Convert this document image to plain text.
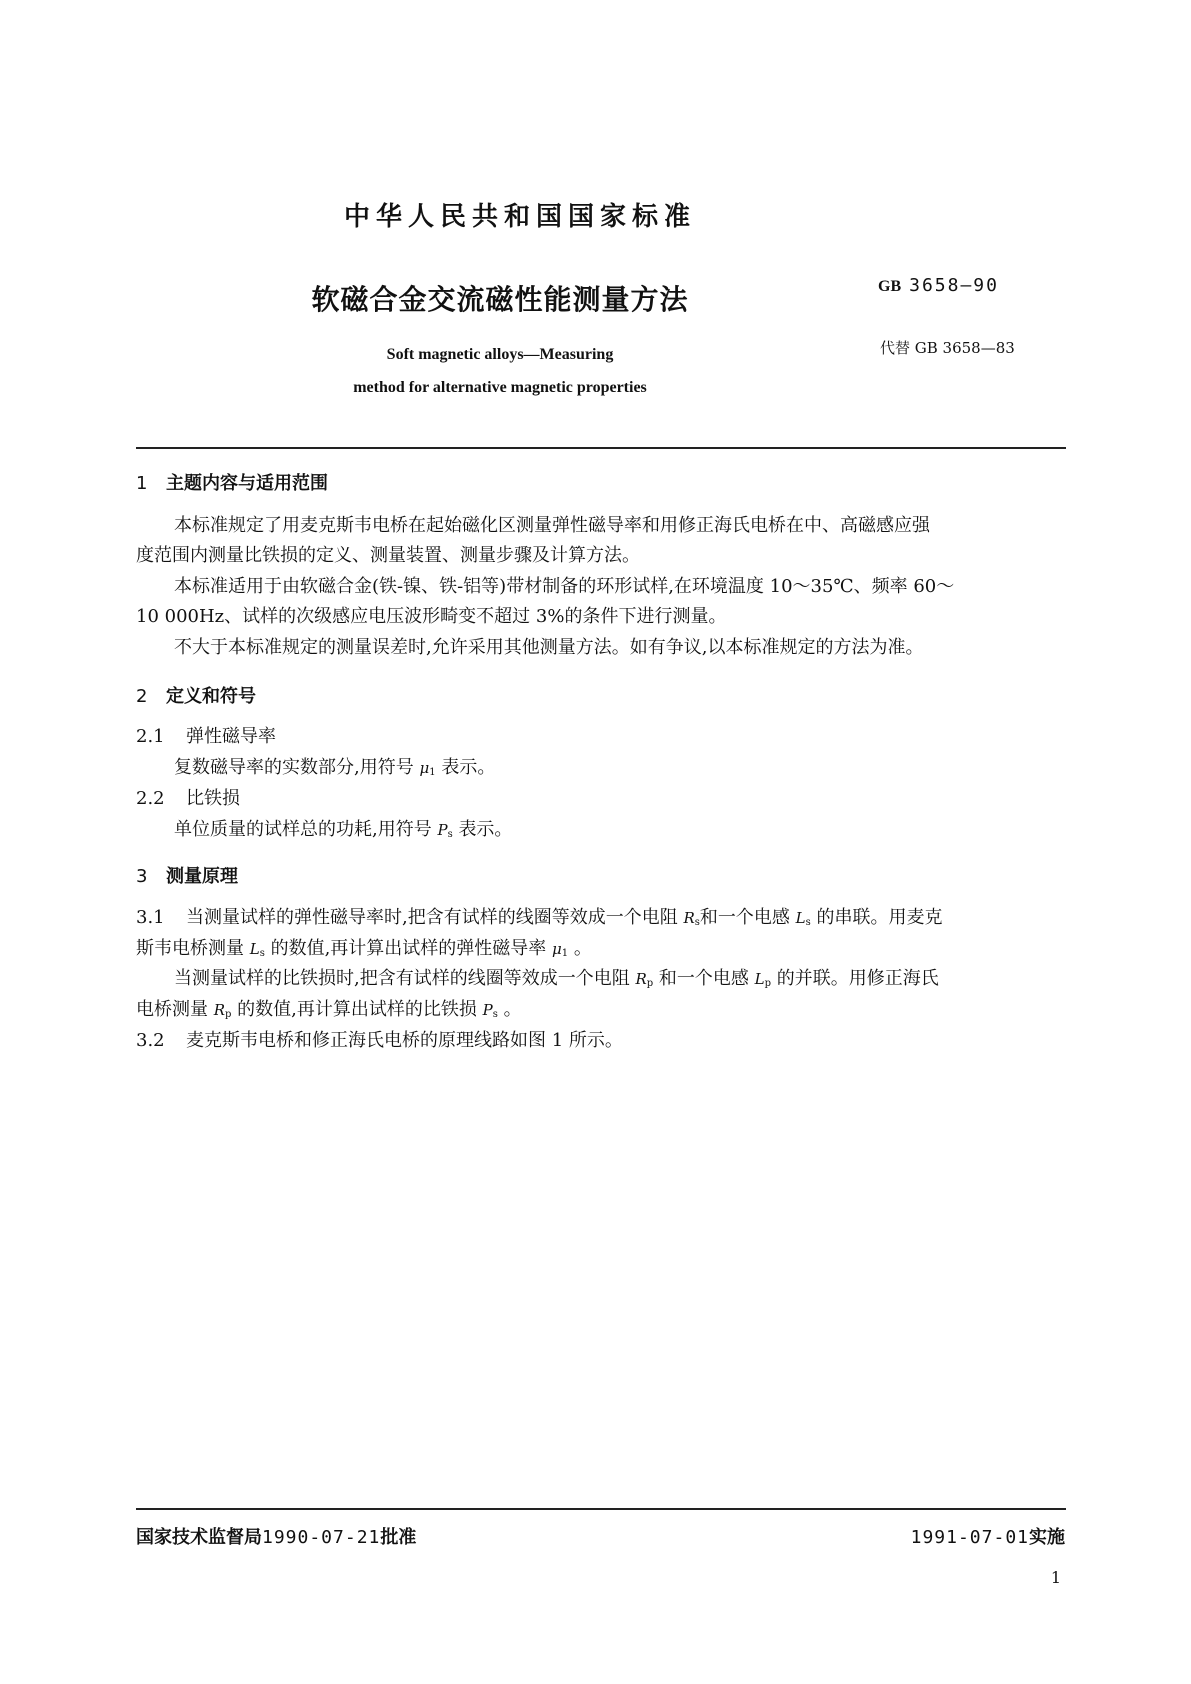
中华人民共和国国家标准
软磁合金交流磁性能测量方法
Soft magnetic alloys—Measuring
method for alternative magnetic properties
GB 3658—90
代替 GB 3658—83
1 主题内容与适用范围
本标准规定了用麦克斯韦电桥在起始磁化区测量弹性磁导率和用修正海氏电桥在中、高磁感应强
度范围内测量比铁损的定义、测量装置、测量步骤及计算方法。
本标准适用于由软磁合金(铁-镍、铁-铝等)带材制备的环形试样,在环境温度 10～35℃、频率 60～
10 000Hz、试样的次级感应电压波形畸变不超过 3%的条件下进行测量。
不大于本标准规定的测量误差时,允许采用其他测量方法。如有争议,以本标准规定的方法为准。
2 定义和符号
2.1 弹性磁导率
复数磁导率的实数部分,用符号 $\mu_1$ 表示。
2.2 比铁损
单位质量的试样总的功耗,用符号 $P_s$ 表示。
3 测量原理
3.1 当测量试样的弹性磁导率时,把含有试样的线圈等效成一个电阻 $R_s$和一个电感 $L_s$ 的串联。用麦克
斯韦电桥测量 $L_s$ 的数值,再计算出试样的弹性磁导率 $\mu_1$ 。
当测量试样的比铁损时,把含有试样的线圈等效成一个电阻 $R_p$ 和一个电感 $L_p$ 的并联。用修正海氏
电桥测量 $R_p$ 的数值,再计算出试样的比铁损 $P_s$ 。
3.2 麦克斯韦电桥和修正海氏电桥的原理线路如图 1 所示。
国家技术监督局1990-07-21批准	1991-07-01实施
1
